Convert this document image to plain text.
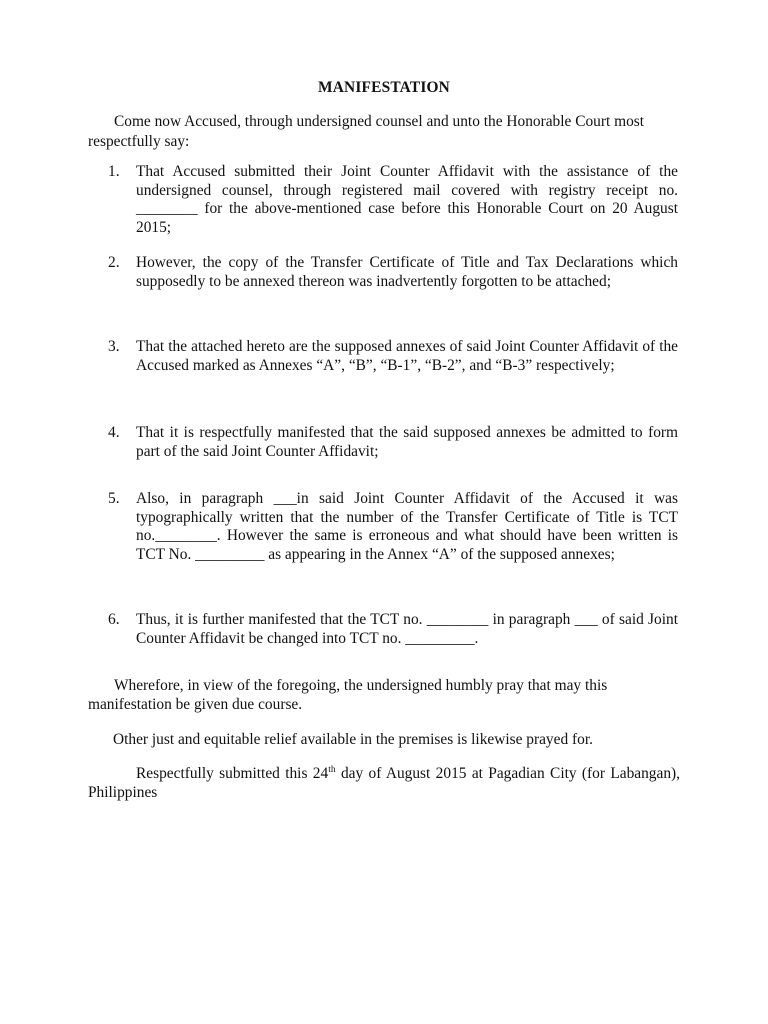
MANIFESTATION

Come now Accused, through undersigned counsel and unto the Honorable Court most respectfully say:

1.	That Accused submitted their Joint Counter Affidavit with the assistance of the undersigned counsel, through registered mail covered with registry receipt no. ________ for the above-mentioned case before this Honorable Court on 20 August 2015;
2.	However, the copy of the Transfer Certificate of Title and Tax Declarations which supposedly to be annexed thereon was inadvertently forgotten to be attached;
3.	That the attached hereto are the supposed annexes of said Joint Counter Affidavit of the Accused marked as Annexes “A”, “B”, “B-1”, “B-2”, and “B-3” respectively;
4.	That it is respectfully manifested that the said supposed annexes be admitted to form part of the said Joint Counter Affidavit;
5.	Also, in paragraph ___in said Joint Counter Affidavit of the Accused it was typographically written that the number of the Transfer Certificate of Title is TCT no.________. However the same is erroneous and what should have been written is TCT No. _________ as appearing in the Annex “A” of the supposed annexes;
6.	Thus, it is further manifested that the TCT no. ________ in paragraph ___ of said Joint Counter Affidavit be changed into TCT no. _________.

Wherefore, in view of the foregoing, the undersigned humbly pray that may this manifestation be given due course.

Other just and equitable relief available in the premises is likewise prayed for.

Respectfully submitted this 24th day of August 2015 at Pagadian City (for Labangan), Philippines
